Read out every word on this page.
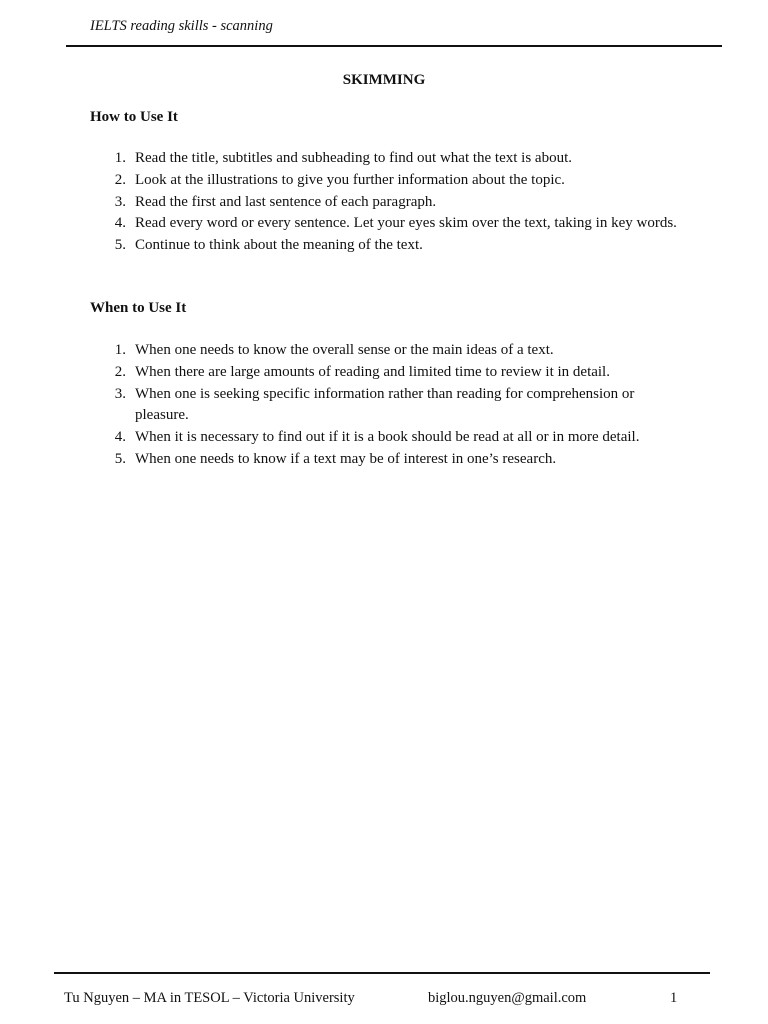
IELTS reading skills - scanning
SKIMMING
How to Use It
1. Read the title, subtitles and subheading to find out what the text is about.
2. Look at the illustrations to give you further information about the topic.
3. Read the first and last sentence of each paragraph.
4. Read every word or every sentence. Let your eyes skim over the text, taking in key words.
5. Continue to think about the meaning of the text.
When to Use It
1. When one needs to know the overall sense or the main ideas of a text.
2. When there are large amounts of reading and limited time to review it in detail.
3. When one is seeking specific information rather than reading for comprehension or pleasure.
4. When it is necessary to find out if it is a book should be read at all or in more detail.
5. When one needs to know if a text may be of interest in one’s research.
Tu Nguyen – MA in TESOL – Victoria University	biglou.nguyen@gmail.com	1
